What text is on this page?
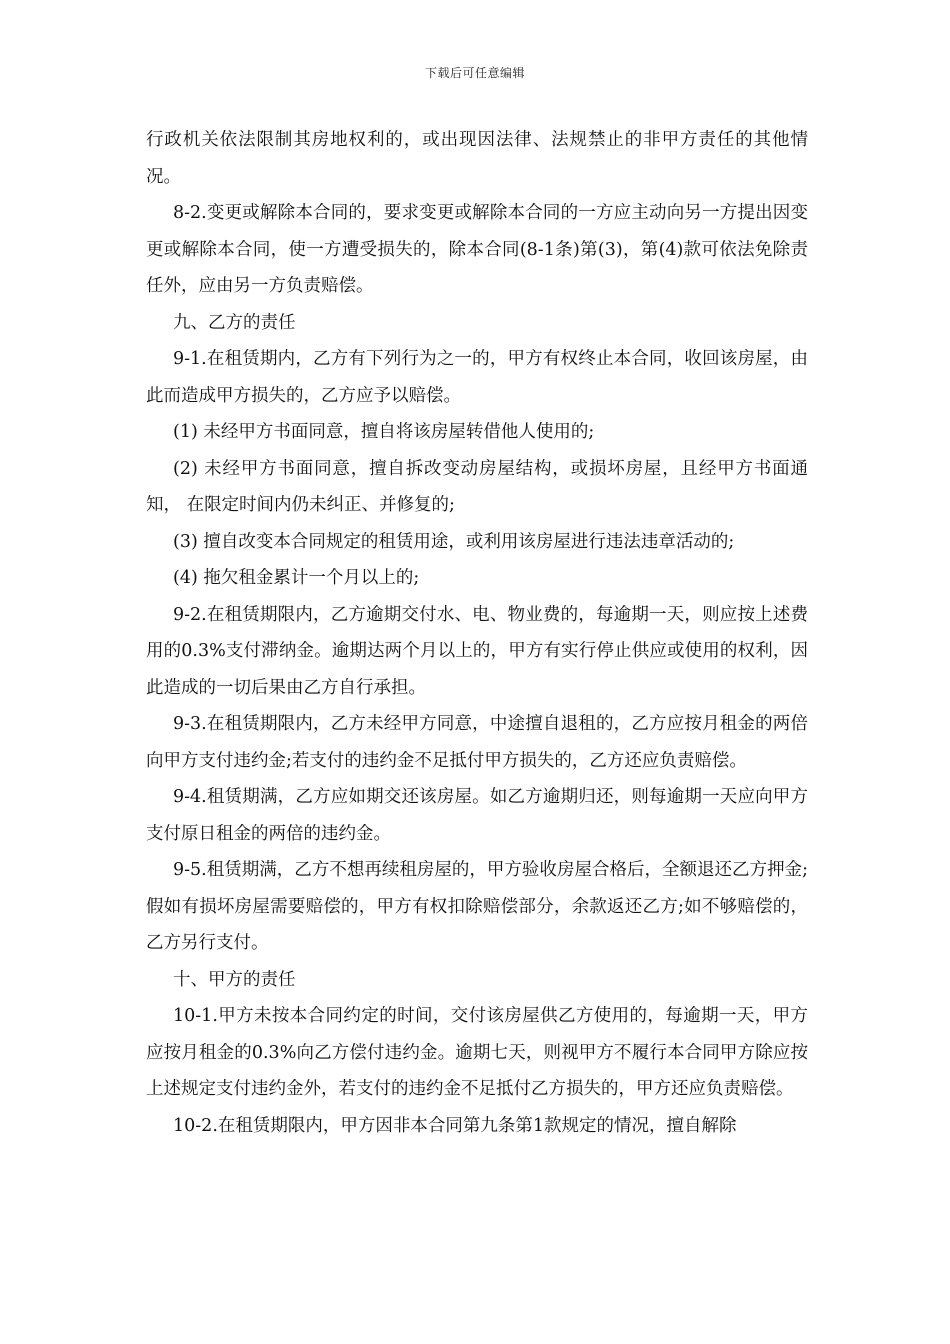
下载后可任意编辑

行政机关依法限制其房地权利的，或出现因法律、法规禁止的非甲方责任的其他情况。

8-2.变更或解除本合同的，要求变更或解除本合同的一方应主动向另一方提出因变更或解除本合同，使一方遭受损失的，除本合同(8-1条)第(3)，第(4)款可依法免除责任外，应由另一方负责赔偿。

九、乙方的责任

9-1.在租赁期内，乙方有下列行为之一的，甲方有权终止本合同，收回该房屋，由此而造成甲方损失的，乙方应予以赔偿。

(1) 未经甲方书面同意，擅自将该房屋转借他人使用的;

(2) 未经甲方书面同意，擅自拆改变动房屋结构，或损坏房屋，且经甲方书面通知， 在限定时间内仍未纠正、并修复的;

(3) 擅自改变本合同规定的租赁用途，或利用该房屋进行违法违章活动的;

(4) 拖欠租金累计一个月以上的;

9-2.在租赁期限内，乙方逾期交付水、电、物业费的，每逾期一天，则应按上述费用的0.3%支付滞纳金。逾期达两个月以上的，甲方有实行停止供应或使用的权利，因此造成的一切后果由乙方自行承担。

9-3.在租赁期限内，乙方未经甲方同意，中途擅自退租的，乙方应按月租金的两倍向甲方支付违约金;若支付的违约金不足抵付甲方损失的，乙方还应负责赔偿。

9-4.租赁期满，乙方应如期交还该房屋。如乙方逾期归还，则每逾期一天应向甲方支付原日租金的两倍的违约金。

9-5.租赁期满，乙方不想再续租房屋的，甲方验收房屋合格后，全额退还乙方押金;假如有损坏房屋需要赔偿的，甲方有权扣除赔偿部分，余款返还乙方;如不够赔偿的，乙方另行支付。

十、甲方的责任

10-1.甲方未按本合同约定的时间，交付该房屋供乙方使用的，每逾期一天，甲方应按月租金的0.3%向乙方偿付违约金。逾期七天，则视甲方不履行本合同甲方除应按上述规定支付违约金外，若支付的违约金不足抵付乙方损失的，甲方还应负责赔偿。

10-2.在租赁期限内，甲方因非本合同第九条第1款规定的情况，擅自解除
